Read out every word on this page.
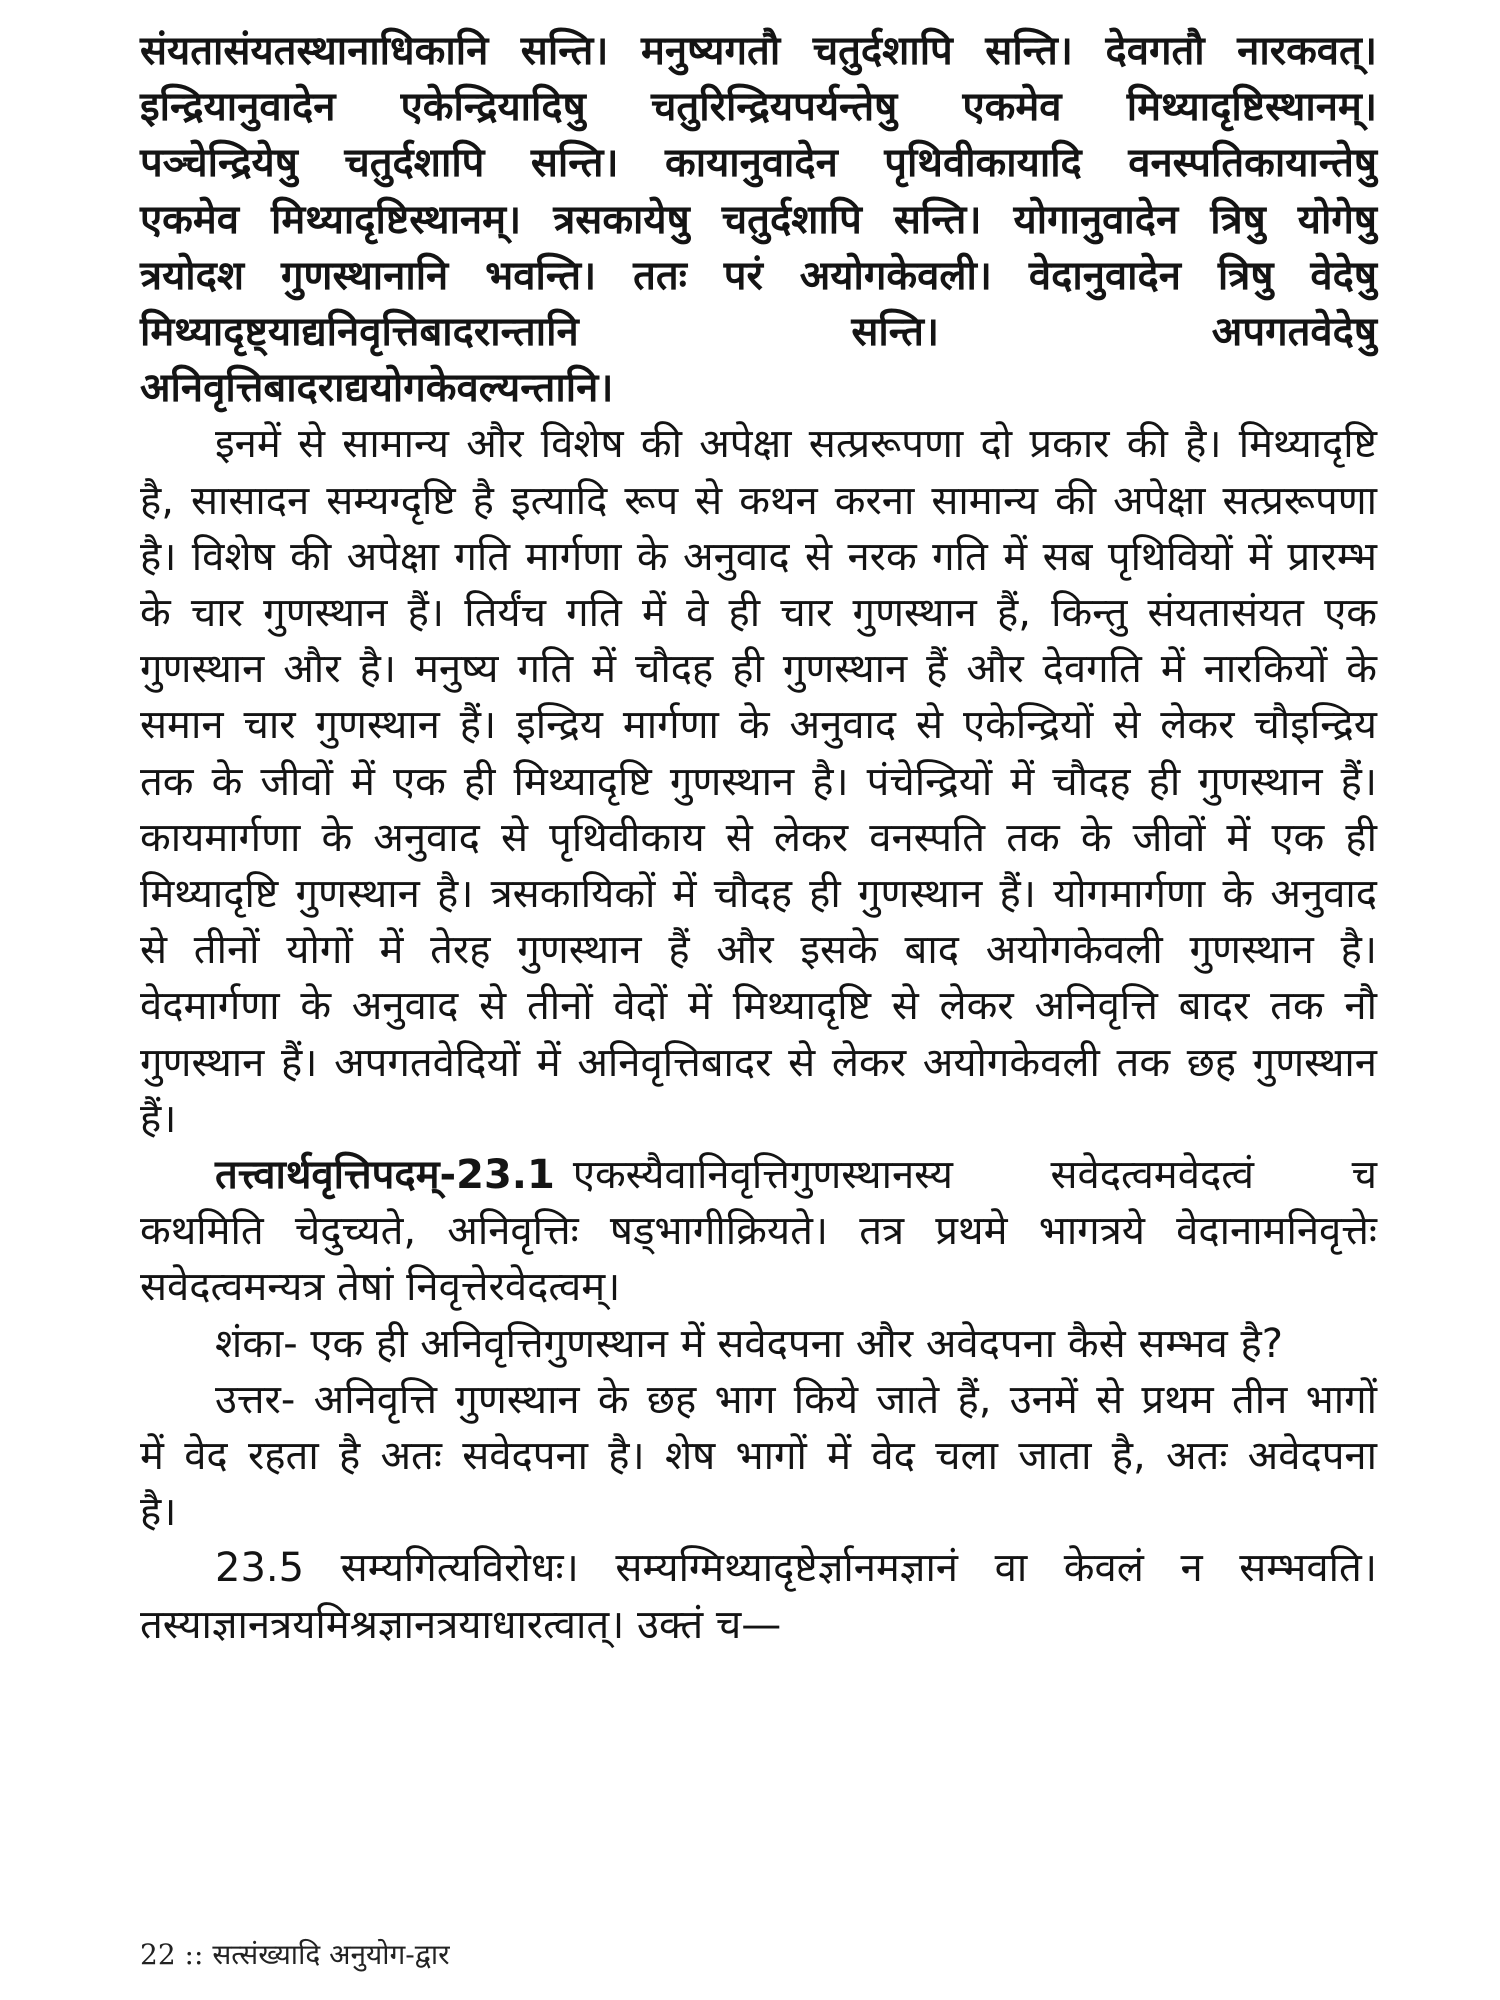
संयतासंयतस्थानाधिकानि सन्ति। मनुष्यगतौ चतुर्दशापि सन्ति। देवगतौ नारकवत्।
इन्द्रियानुवादेन एकेन्द्रियादिषु चतुरिन्द्रियपर्यन्तेषु एकमेव मिथ्यादृष्टिस्थानम्।
पञ्चेन्द्रियेषु चतुर्दशापि सन्ति। कायानुवादेन पृथिवीकायादि वनस्पतिकायान्तेषु
एकमेव मिथ्यादृष्टिस्थानम्। त्रसकायेषु चतुर्दशापि सन्ति। योगानुवादेन त्रिषु योगेषु
त्रयोदश गुणस्थानानि भवन्ति। ततः परं अयोगकेवली। वेदानुवादेन त्रिषु वेदेषु
मिथ्यादृष्ट्याद्यनिवृत्तिबादरान्तानि सन्ति। अपगतवेदेषु
अनिवृत्तिबादराद्ययोगकेवल्यन्तानि।
इनमें से सामान्य और विशेष की अपेक्षा सत्प्ररूपणा दो प्रकार की है। मिथ्यादृष्टि
है, सासादन सम्यग्दृष्टि है इत्यादि रूप से कथन करना सामान्य की अपेक्षा सत्प्ररूपणा
है। विशेष की अपेक्षा गति मार्गणा के अनुवाद से नरक गति में सब पृथिवियों में प्रारम्भ
के चार गुणस्थान हैं। तिर्यंच गति में वे ही चार गुणस्थान हैं, किन्तु संयतासंयत एक
गुणस्थान और है। मनुष्य गति में चौदह ही गुणस्थान हैं और देवगति में नारकियों के
समान चार गुणस्थान हैं। इन्द्रिय मार्गणा के अनुवाद से एकेन्द्रियों से लेकर चौइन्द्रिय
तक के जीवों में एक ही मिथ्यादृष्टि गुणस्थान है। पंचेन्द्रियों में चौदह ही गुणस्थान हैं।
कायमार्गणा के अनुवाद से पृथिवीकाय से लेकर वनस्पति तक के जीवों में एक ही
मिथ्यादृष्टि गुणस्थान है। त्रसकायिकों में चौदह ही गुणस्थान हैं। योगमार्गणा के अनुवाद
से तीनों योगों में तेरह गुणस्थान हैं और इसके बाद अयोगकेवली गुणस्थान है।
वेदमार्गणा के अनुवाद से तीनों वेदों में मिथ्यादृष्टि से लेकर अनिवृत्ति बादर तक नौ
गुणस्थान हैं। अपगतवेदियों में अनिवृत्तिबादर से लेकर अयोगकेवली तक छह गुणस्थान
हैं।
तत्त्वार्थवृत्तिपदम्-23.1 एकस्यैवानिवृत्तिगुणस्थानस्य सवेदत्वमवेदत्वं च
कथमिति चेदुच्यते, अनिवृत्तिः षड्भागीक्रियते। तत्र प्रथमे भागत्रये वेदानामनिवृत्तेः
सवेदत्वमन्यत्र तेषां निवृत्तेरवेदत्वम्।
शंका- एक ही अनिवृत्तिगुणस्थान में सवेदपना और अवेदपना कैसे सम्भव है?
उत्तर- अनिवृत्ति गुणस्थान के छह भाग किये जाते हैं, उनमें से प्रथम तीन भागों
में वेद रहता है अतः सवेदपना है। शेष भागों में वेद चला जाता है, अतः अवेदपना
है।
23.5 सम्यगित्यविरोधः। सम्यग्मिथ्यादृष्टेर्ज्ञानमज्ञानं वा केवलं न सम्भवति।
22 :: सत्संख्यादि अनुयोग-द्वार
तस्याज्ञानत्रयमिश्रज्ञानत्रयाधारत्वात्। उक्तं च—
